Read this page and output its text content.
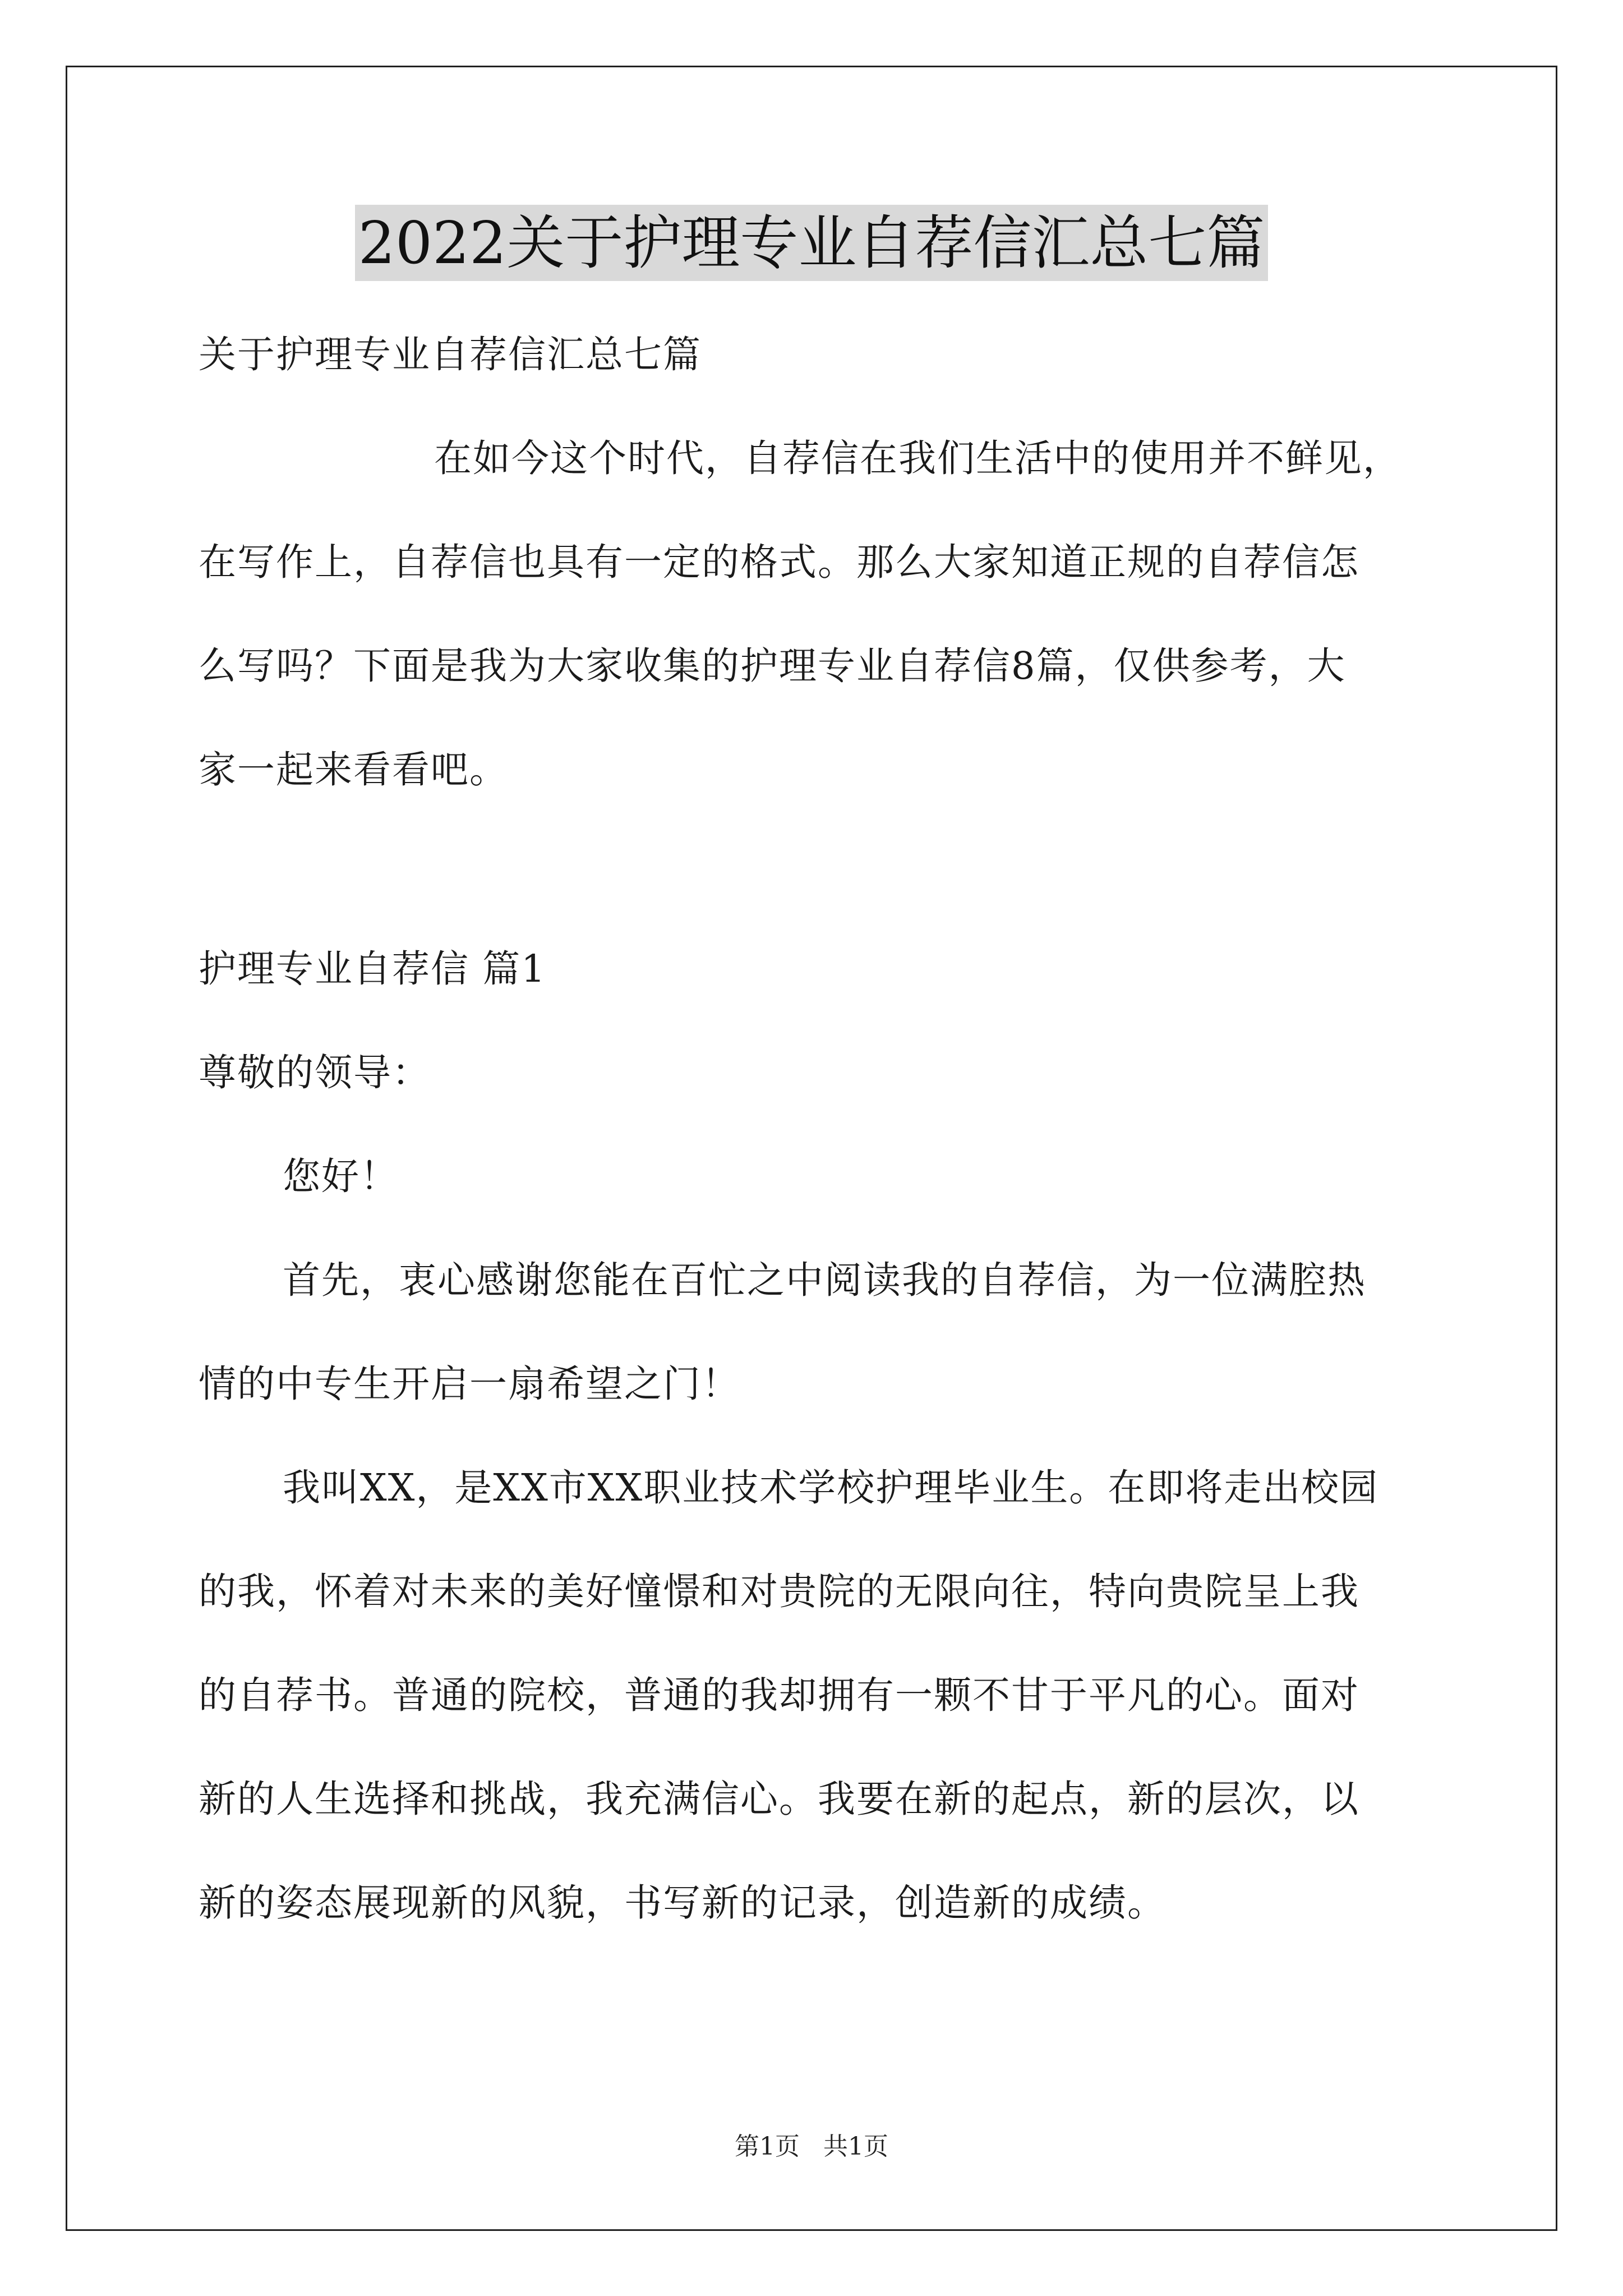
2022关于护理专业自荐信汇总七篇

关于护理专业自荐信汇总七篇

在如今这个时代，自荐信在我们生活中的使用并不鲜见，

在写作上，自荐信也具有一定的格式。那么大家知道正规的自荐信怎

么写吗？下面是我为大家收集的护理专业自荐信8篇，仅供参考，大

家一起来看看吧。

护理专业自荐信 篇1

尊敬的领导：

您好！

首先，衷心感谢您能在百忙之中阅读我的自荐信，为一位满腔热

情的中专生开启一扇希望之门！

我叫XX，是XX市XX职业技术学校护理毕业生。在即将走出校园

的我，怀着对未来的美好憧憬和对贵院的无限向往，特向贵院呈上我

的自荐书。普通的院校，普通的我却拥有一颗不甘于平凡的心。面对

新的人生选择和挑战，我充满信心。我要在新的起点，新的层次，以

新的姿态展现新的风貌，书写新的记录，创造新的成绩。

第1页 共1页
